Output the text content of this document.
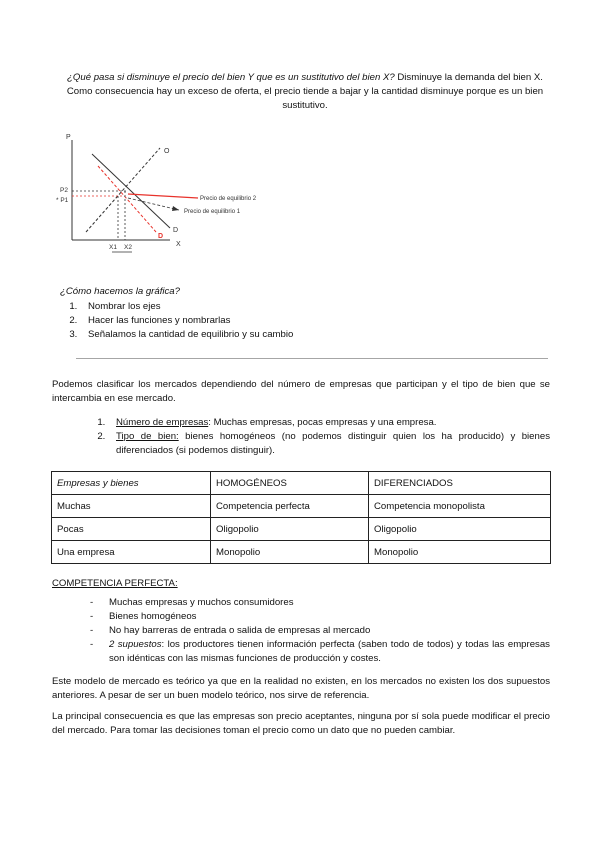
¿Qué pasa si disminuye el precio del bien Y que es un sustitutivo del bien X? Disminuye la demanda del bien X. Como consecuencia hay un exceso de oferta, el precio tiende a bajar y la cantidad disminuye porque es un bien sustitutivo.
P
X
O
D
D
P2
* P1
X1 X2
Precio de equilibrio 2
Precio de equilibrio 1
¿Cómo hacemos la gráfica?
1. Nombrar los ejes
2. Hacer las funciones y nombrarlas
3. Señalamos la cantidad de equilibrio y su cambio
Podemos clasificar los mercados dependiendo del número de empresas que participan y el tipo de bien que se intercambia en ese mercado.
1. Número de empresas: Muchas empresas, pocas empresas y una empresa.
2. Tipo de bien: bienes homogéneos (no podemos distinguir quien los ha producido) y bienes diferenciados (si podemos distinguir).
Empresas y bienes	HOMOGÉNEOS	DIFERENCIADOS
Muchas	Competencia perfecta	Competencia monopolista
Pocas	Oligopolio	Oligopolio
Una empresa	Monopolio	Monopolio
COMPETENCIA PERFECTA:
- Muchas empresas y muchos consumidores
- Bienes homogéneos
- No hay barreras de entrada o salida de empresas al mercado
- 2 supuestos: los productores tienen información perfecta (saben todo de todos) y todas las empresas son idénticas con las mismas funciones de producción y costes.
Este modelo de mercado es teórico ya que en la realidad no existen, en los mercados no existen los dos supuestos anteriores. A pesar de ser un buen modelo teórico, nos sirve de referencia.
La principal consecuencia es que las empresas son precio aceptantes, ninguna por sí sola puede modificar el precio del mercado. Para tomar las decisiones toman el precio como un dato que no pueden cambiar.
